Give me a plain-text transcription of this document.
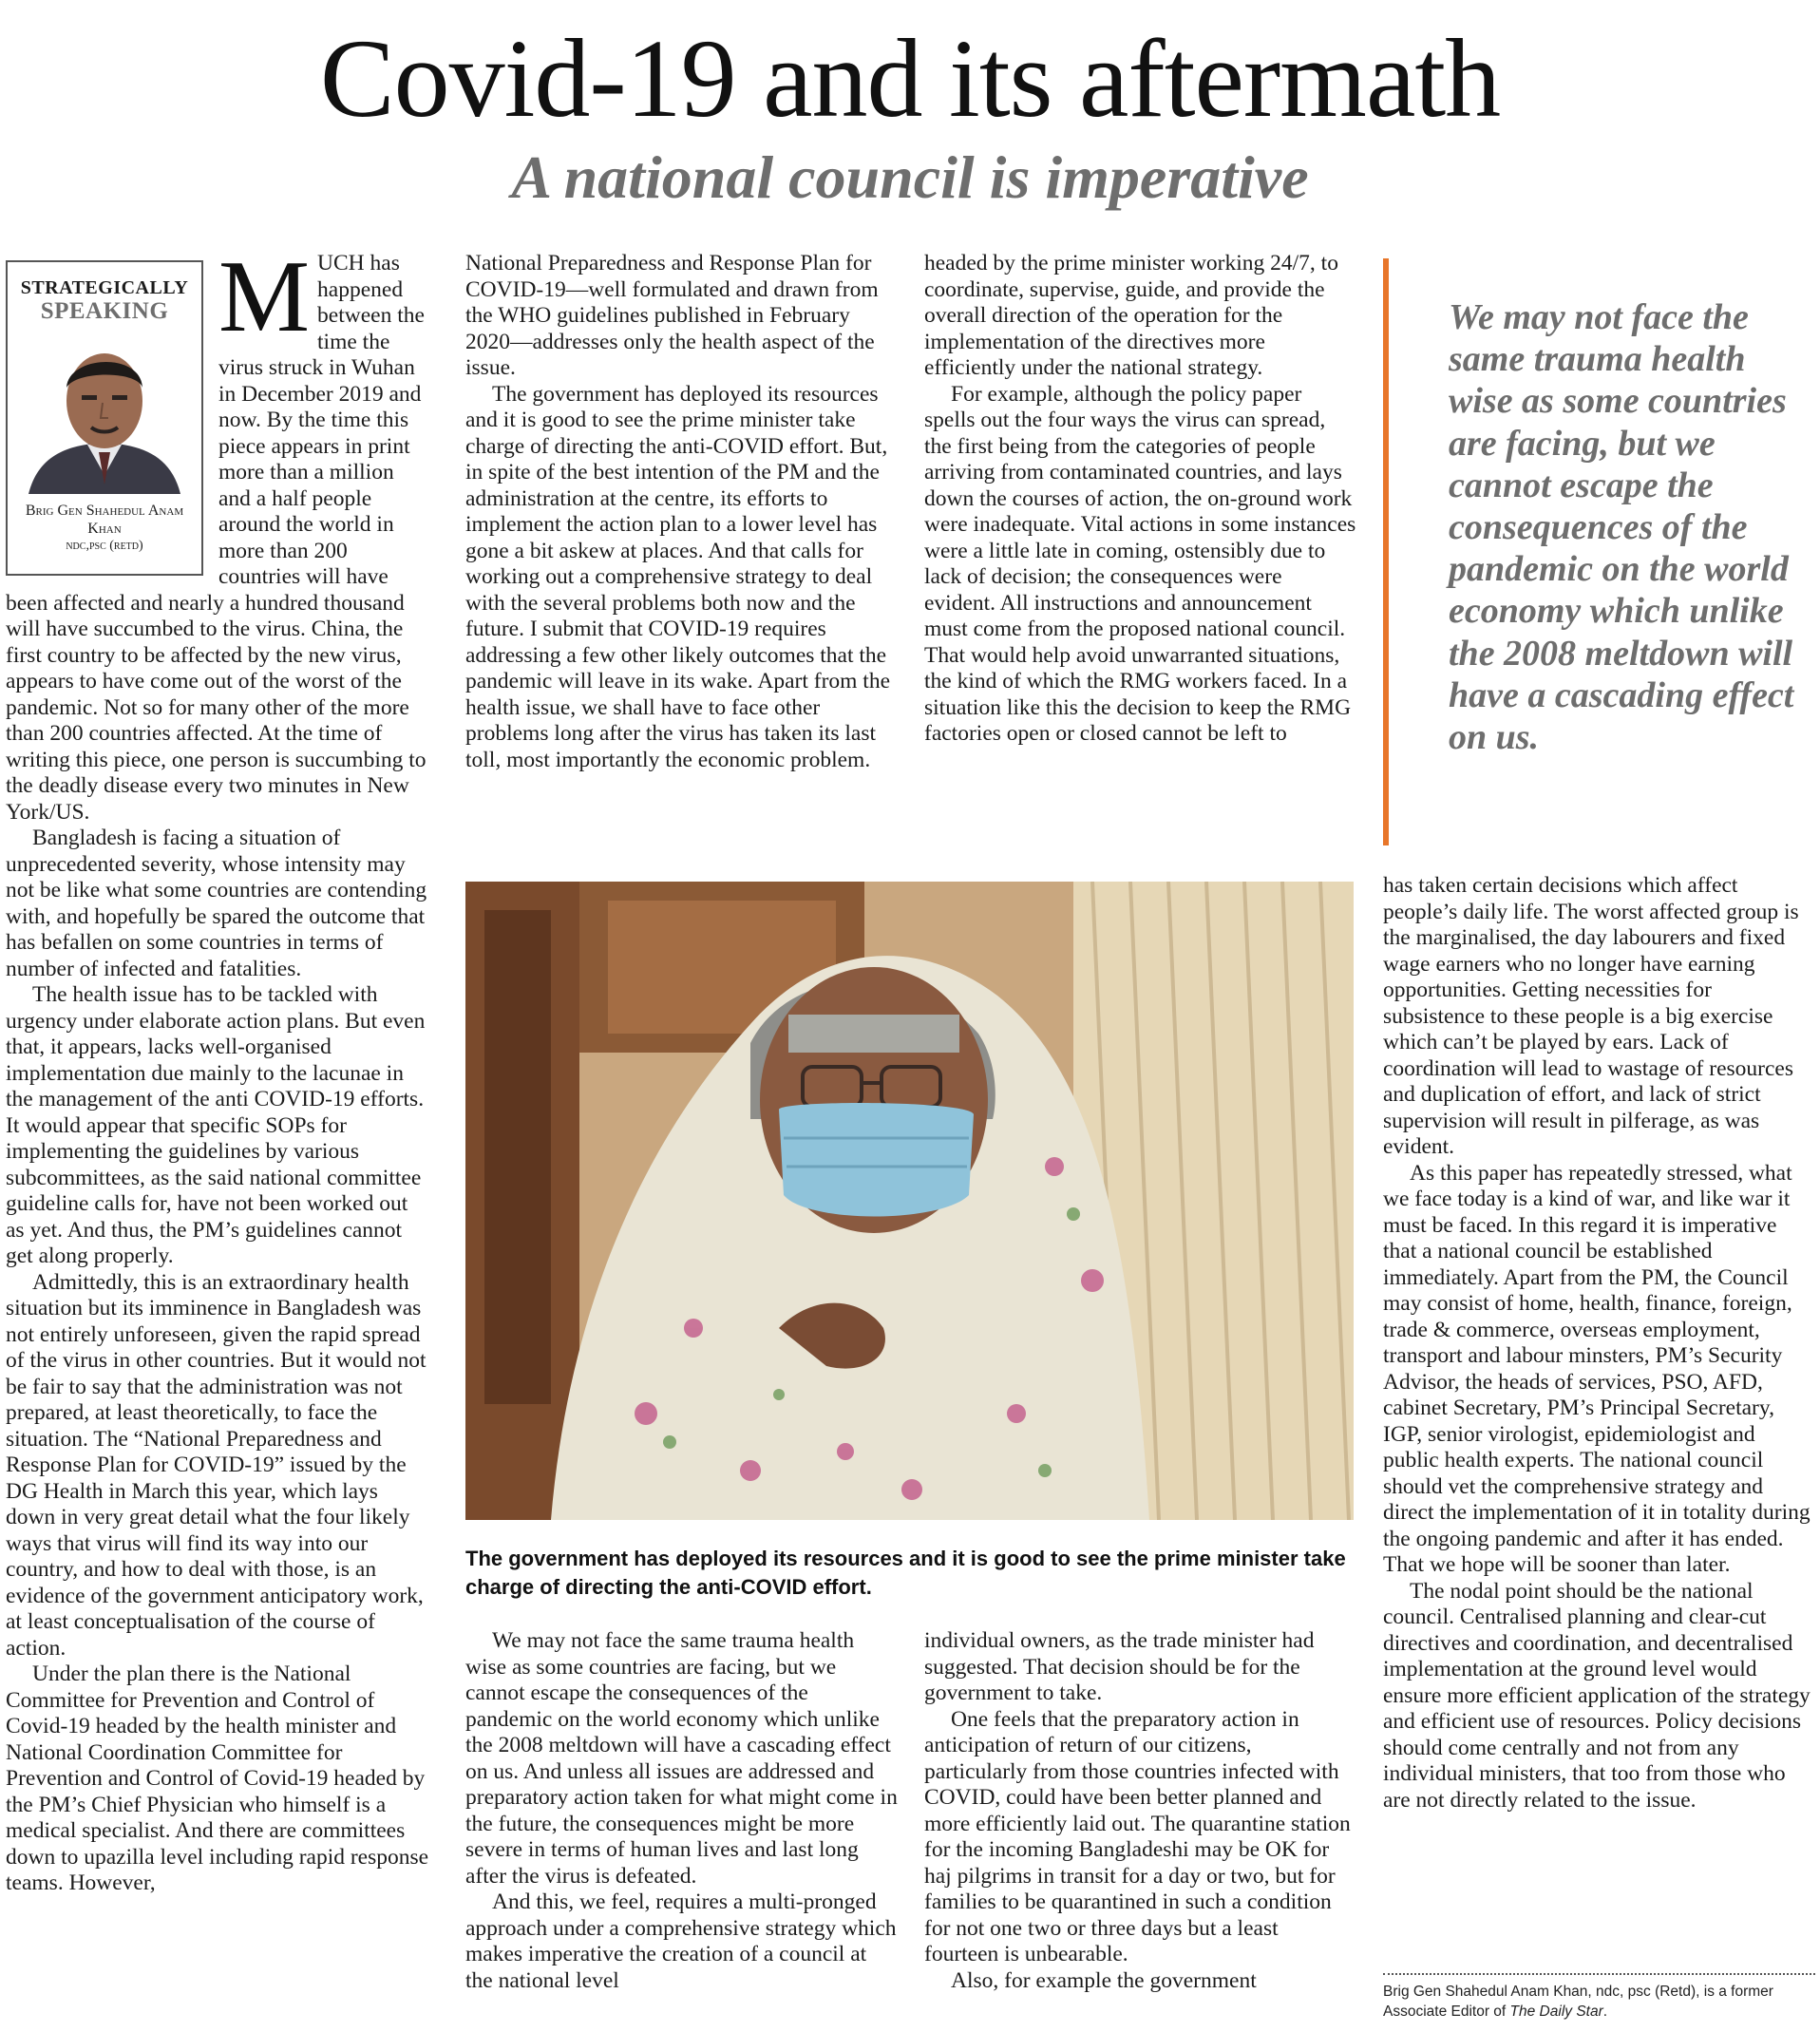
Covid-19 and its aftermath
A national council is imperative
STRATEGICALLY
SPEAKING
Brig Gen Shahedul Anam Khan
ndc,psc (retd)
M UCH has happened between the time the virus struck in Wuhan in December 2019 and now. By the time this piece appears in print more than a million and a half people around the world in more than 200 countries will have been affected and nearly a hundred thousand will have succumbed to the virus. China, the first country to be affected by the new virus, appears to have come out of the worst of the pandemic. Not so for many other of the more than 200 countries affected. At the time of writing this piece, one person is succumbing to the deadly disease every two minutes in New York/US.

Bangladesh is facing a situation of unprecedented severity, whose intensity may not be like what some countries are contending with, and hopefully be spared the outcome that has befallen on some countries in terms of number of infected and fatalities.

The health issue has to be tackled with urgency under elaborate action plans. But even that, it appears, lacks well-organised implementation due mainly to the lacunae in the management of the anti COVID-19 efforts. It would appear that specific SOPs for implementing the guidelines by various subcommittees, as the said national committee guideline calls for, have not been worked out as yet. And thus, the PM’s guidelines cannot get along properly.

Admittedly, this is an extraordinary health situation but its imminence in Bangladesh was not entirely unforeseen, given the rapid spread of the virus in other countries. But it would not be fair to say that the administration was not prepared, at least theoretically, to face the situation. The “National Preparedness and Response Plan for COVID-19” issued by the DG Health in March this year, which lays down in very great detail what the four likely ways that virus will find its way into our country, and how to deal with those, is an evidence of the government anticipatory work, at least conceptualisation of the course of action.

Under the plan there is the National Committee for Prevention and Control of Covid-19 headed by the health minister and National Coordination Committee for Prevention and Control of Covid-19 headed by the PM’s Chief Physician who himself is a medical specialist. And there are committees down to upazilla level including rapid response teams. However,

National Preparedness and Response Plan for COVID-19—well formulated and drawn from the WHO guidelines published in February 2020—addresses only the health aspect of the issue.

The government has deployed its resources and it is good to see the prime minister take charge of directing the anti-COVID effort. But, in spite of the best intention of the PM and the administration at the centre, its efforts to implement the action plan to a lower level has gone a bit askew at places. And that calls for working out a comprehensive strategy to deal with the several problems both now and the future. I submit that COVID-19 requires addressing a few other likely outcomes that the pandemic will leave in its wake. Apart from the health issue, we shall have to face other problems long after the virus has taken its last toll, most importantly the economic problem.

headed by the prime minister working 24/7, to coordinate, supervise, guide, and provide the overall direction of the operation for the implementation of the directives more efficiently under the national strategy.

For example, although the policy paper spells out the four ways the virus can spread, the first being from the categories of people arriving from contaminated countries, and lays down the courses of action, the on-ground work were inadequate. Vital actions in some instances were a little late in coming, ostensibly due to lack of decision; the consequences were evident. All instructions and announcement must come from the proposed national council. That would help avoid unwarranted situations, the kind of which the RMG workers faced. In a situation like this the decision to keep the RMG factories open or closed cannot be left to

The government has deployed its resources and it is good to see the prime minister take charge of directing the anti-COVID effort.

We may not face the same trauma health wise as some countries are facing, but we cannot escape the consequences of the pandemic on the world economy which unlike the 2008 meltdown will have a cascading effect on us. And unless all issues are addressed and preparatory action taken for what might come in the future, the consequences might be more severe in terms of human lives and last long after the virus is defeated.

And this, we feel, requires a multi-pronged approach under a comprehensive strategy which makes imperative the creation of a council at the national level

individual owners, as the trade minister had suggested. That decision should be for the government to take.

One feels that the preparatory action in anticipation of return of our citizens, particularly from those countries infected with COVID, could have been better planned and more efficiently laid out. The quarantine station for the incoming Bangladeshi may be OK for haj pilgrims in transit for a day or two, but for families to be quarantined in such a condition for not one two or three days but a least fourteen is unbearable.

Also, for example the government

We may not face the same trauma health wise as some countries are facing, but we cannot escape the consequences of the pandemic on the world economy which unlike the 2008 meltdown will have a cascading effect on us.

has taken certain decisions which affect people’s daily life. The worst affected group is the marginalised, the day labourers and fixed wage earners who no longer have earning opportunities. Getting necessities for subsistence to these people is a big exercise which can’t be played by ears. Lack of coordination will lead to wastage of resources and duplication of effort, and lack of strict supervision will result in pilferage, as was evident.

As this paper has repeatedly stressed, what we face today is a kind of war, and like war it must be faced. In this regard it is imperative that a national council be established immediately. Apart from the PM, the Council may consist of home, health, finance, foreign, trade & commerce, overseas employment, transport and labour minsters, PM’s Security Advisor, the heads of services, PSO, AFD, cabinet Secretary, PM’s Principal Secretary, IGP, senior virologist, epidemiologist and public health experts. The national council should vet the comprehensive strategy and direct the implementation of it in totality during the ongoing pandemic and after it has ended. That we hope will be sooner than later.

The nodal point should be the national council. Centralised planning and clear-cut directives and coordination, and decentralised implementation at the ground level would ensure more efficient application of the strategy and efficient use of resources. Policy decisions should come centrally and not from any individual ministers, that too from those who are not directly related to the issue.

Brig Gen Shahedul Anam Khan, ndc, psc (Retd), is a former Associate Editor of The Daily Star.
